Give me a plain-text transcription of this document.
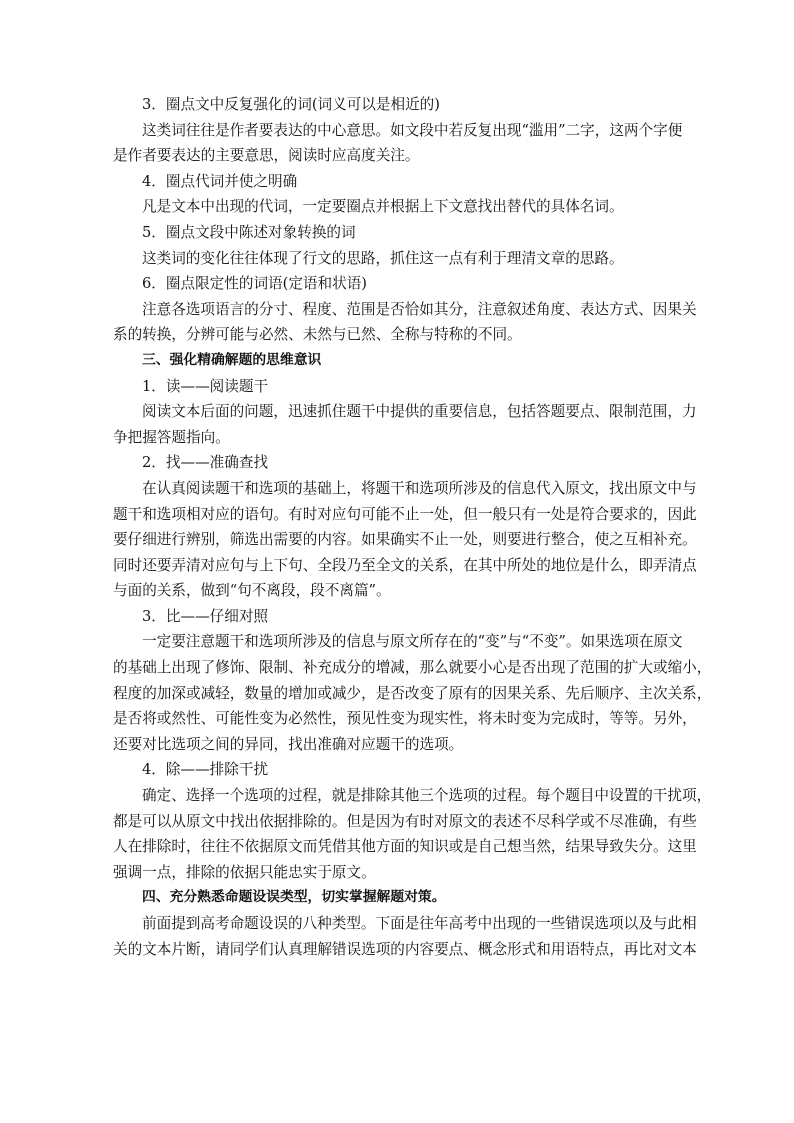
3．圈点文中反复强化的词(词义可以是相近的)

这类词往往是作者要表达的中心意思。如文段中若反复出现“滥用”二字，这两个字便

是作者要表达的主要意思，阅读时应高度关注。

4．圈点代词并使之明确

凡是文本中出现的代词，一定要圈点并根据上下文意找出替代的具体名词。

5．圈点文段中陈述对象转换的词

这类词的变化往往体现了行文的思路，抓住这一点有利于理清文章的思路。

6．圈点限定性的词语(定语和状语)

注意各选项语言的分寸、程度、范围是否恰如其分，注意叙述角度、表达方式、因果关

系的转换，分辨可能与必然、未然与已然、全称与特称的不同。

三、强化精确解题的思维意识

1．读——阅读题干

阅读文本后面的问题，迅速抓住题干中提供的重要信息，包括答题要点、限制范围，力

争把握答题指向。

2．找——准确查找

在认真阅读题干和选项的基础上，将题干和选项所涉及的信息代入原文，找出原文中与

题干和选项相对应的语句。有时对应句可能不止一处，但一般只有一处是符合要求的，因此

要仔细进行辨别，筛选出需要的内容。如果确实不止一处，则要进行整合，使之互相补充。

同时还要弄清对应句与上下句、全段乃至全文的关系，在其中所处的地位是什么，即弄清点

与面的关系，做到“句不离段，段不离篇”。

3．比——仔细对照

一定要注意题干和选项所涉及的信息与原文所存在的“变”与“不变”。如果选项在原文

的基础上出现了修饰、限制、补充成分的增减，那么就要小心是否出现了范围的扩大或缩小，

程度的加深或减轻，数量的增加或减少，是否改变了原有的因果关系、先后顺序、主次关系，

是否将或然性、可能性变为必然性，预见性变为现实性，将未时变为完成时，等等。另外，

还要对比选项之间的异同，找出准确对应题干的选项。

4．除——排除干扰

确定、选择一个选项的过程，就是排除其他三个选项的过程。每个题目中设置的干扰项，

都是可以从原文中找出依据排除的。但是因为有时对原文的表述不尽科学或不尽准确，有些

人在排除时，往往不依据原文而凭借其他方面的知识或是自己想当然，结果导致失分。这里

强调一点，排除的依据只能忠实于原文。

四、充分熟悉命题设误类型，切实掌握解题对策。

前面提到高考命题设误的八种类型。下面是往年高考中出现的一些错误选项以及与此相

关的文本片断，请同学们认真理解错误选项的内容要点、概念形式和用语特点，再比对文本
